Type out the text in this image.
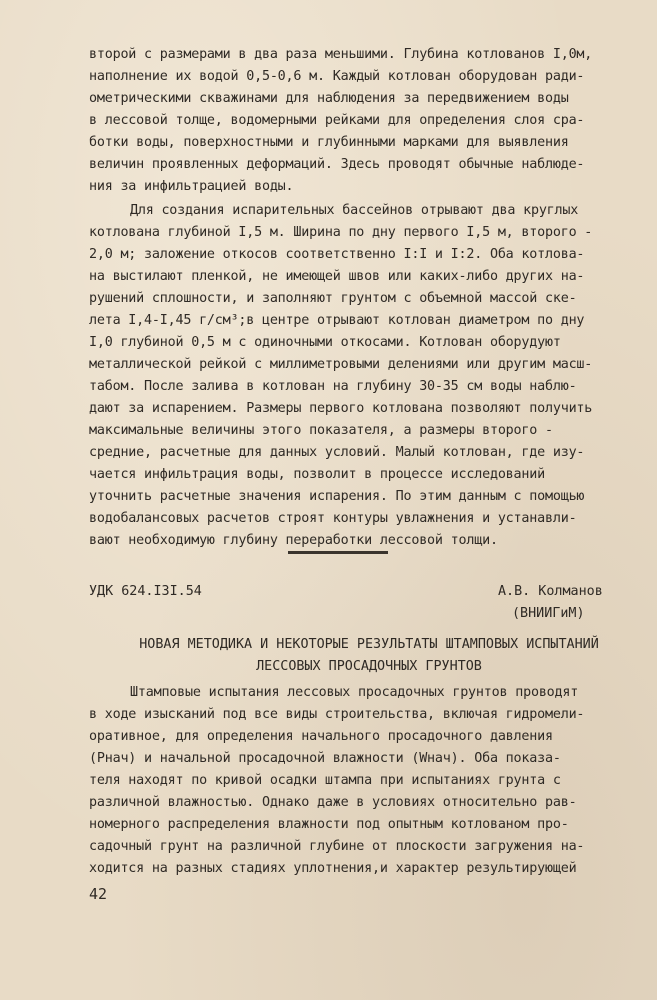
второй с размерами в два раза меньшими. Глубина котлованов I,0м,
наполнение их водой 0,5-0,6 м. Каждый котлован оборудован ради-
ометрическими скважинами для наблюдения за передвижением воды
в лессовой толще, водомерными рейками для определения слоя сра-
ботки воды, поверхностными и глубинными марками для выявления
величин проявленных деформаций. Здесь проводят обычные наблюде-
ния за инфильтрацией воды.
Для создания испарительных бассейнов отрывают два круглых
котлована глубиной I,5 м. Ширина по дну первого I,5 м, второго -
2,0 м; заложение откосов соответственно I:I и I:2. Оба котлова-
на выстилают пленкой, не имеющей швов или каких-либо других на-
рушений сплошности, и заполняют грунтом с объемной массой ске-
лета I,4-I,45 г/см³;в центре отрывают котлован диаметром по дну
I,0 глубиной 0,5 м с одиночными откосами. Котлован оборудуют
металлической рейкой с миллиметровыми делениями или другим масш-
табом. После залива в котлован на глубину 30-35 см воды наблю-
дают за испарением. Размеры первого котлована позволяют получить
максимальные величины этого показателя, а размеры второго -
средние, расчетные для данных условий. Малый котлован, где изу-
чается инфильтрация воды, позволит в процессе исследований
уточнить расчетные значения испарения. По этим данным с помощью
водобалансовых расчетов строят контуры увлажнения и устанавли-
вают необходимую глубину переработки лессовой толщи.
УДК 624.I3I.54	А.В. Колманов
(ВНИИГиМ)
НОВАЯ МЕТОДИКА И НЕКОТОРЫЕ РЕЗУЛЬТАТЫ ШТАМПОВЫХ ИСПЫТАНИЙ
ЛЕССОВЫХ ПРОСАДОЧНЫХ ГРУНТОВ
Штамповые испытания лессовых просадочных грунтов проводят
в ходе изысканий под все виды строительства, включая гидромели-
оративное, для определения начального просадочного давления
(Pнач) и начальной просадочной влажности (Wнач). Оба показа-
теля находят по кривой осадки штампа при испытаниях грунта с
различной влажностью. Однако даже в условиях относительно рав-
номерного распределения влажности под опытным котлованом про-
садочный грунт на различной глубине от плоскости загружения на-
ходится на разных стадиях уплотнения,и характер результирующей
42
